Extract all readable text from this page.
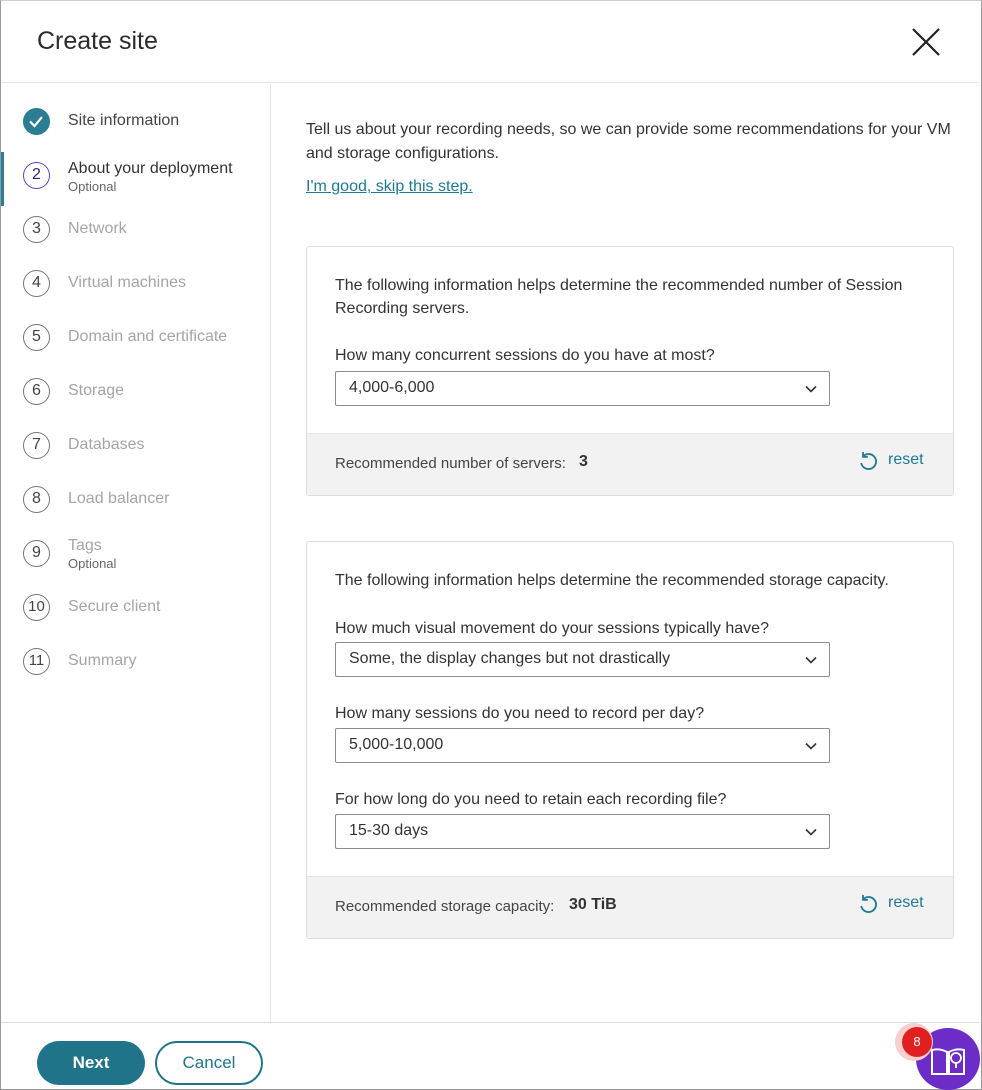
Create site
Site information
2	About your deployment
Optional
3	Network
4	Virtual machines
5	Domain and certificate
6	Storage
7	Databases
8	Load balancer
9	Tags
Optional
10	Secure client
11	Summary

Tell us about your recording needs, so we can provide some recommendations for your VM and storage configurations.

I'm good, skip this step.

The following information helps determine the recommended number of Session Recording servers.

How many concurrent sessions do you have at most?
4,000-6,000
Recommended number of servers: 3	reset

The following information helps determine the recommended storage capacity.

How much visual movement do your sessions typically have?
Some, the display changes but not drastically
How many sessions do you need to record per day?
5,000-10,000
For how long do you need to retain each recording file?
15-30 days
Recommended storage capacity: 30 TiB	reset
Next	Cancel
8
